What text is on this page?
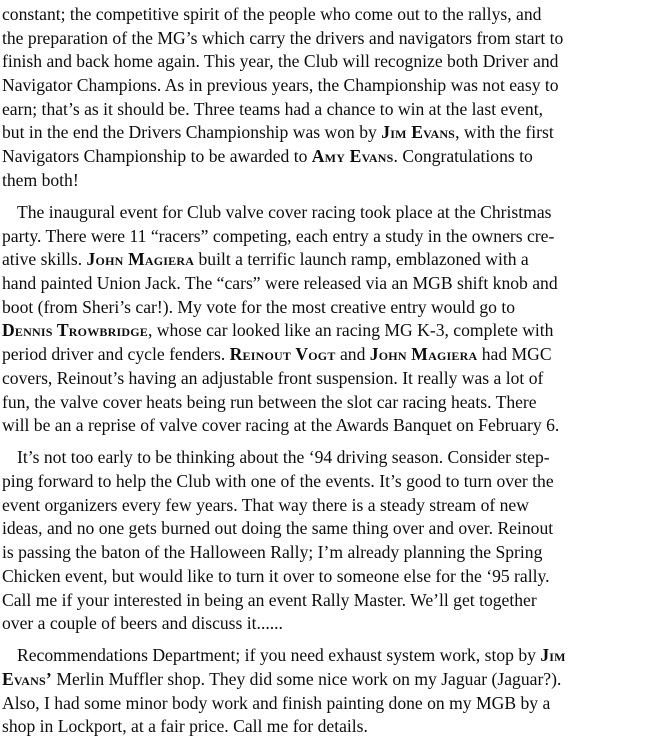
constant; the competitive spirit of the people who come out to the rallys, and
the preparation of the MG’s which carry the drivers and navigators from start to
finish and back home again. This year, the Club will recognize both Driver and
Navigator Champions. As in previous years, the Championship was not easy to
earn; that’s as it should be. Three teams had a chance to win at the last event,
but in the end the Drivers Championship was won by Jim Evans, with the first
Navigators Championship to be awarded to Amy Evans. Congratulations to
them both!
The inaugural event for Club valve cover racing took place at the Christmas
party. There were 11 “racers” competing, each entry a study in the owners cre-
ative skills. John Magiera built a terrific launch ramp, emblazoned with a
hand painted Union Jack. The “cars” were released via an MGB shift knob and
boot (from Sheri’s car!). My vote for the most creative entry would go to
Dennis Trowbridge, whose car looked like an racing MG K-3, complete with
period driver and cycle fenders. Reinout Vogt and John Magiera had MGC
covers, Reinout’s having an adjustable front suspension. It really was a lot of
fun, the valve cover heats being run between the slot car racing heats. There
will be an a reprise of valve cover racing at the Awards Banquet on February 6.
It’s not too early to be thinking about the ‘94 driving season. Consider step-
ping forward to help the Club with one of the events. It’s good to turn over the
event organizers every few years. That way there is a steady stream of new
ideas, and no one gets burned out doing the same thing over and over. Reinout
is passing the baton of the Halloween Rally; I’m already planning the Spring
Chicken event, but would like to turn it over to someone else for the ‘95 rally.
Call me if your interested in being an event Rally Master. We’ll get together
over a couple of beers and discuss it......
Recommendations Department; if you need exhaust system work, stop by Jim
Evans’ Merlin Muffler shop. They did some nice work on my Jaguar (Jaguar?).
Also, I had some minor body work and finish painting done on my MGB by a
shop in Lockport, at a fair price. Call me for details.
